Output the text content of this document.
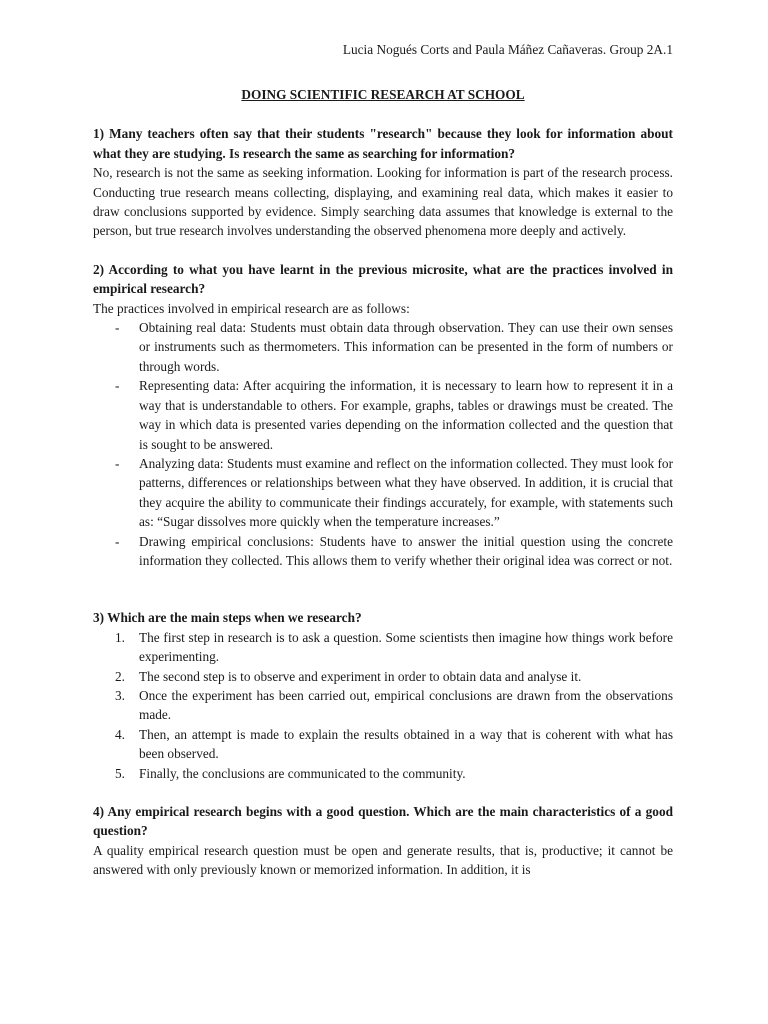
Lucia Nogués Corts and Paula Máñez Cañaveras. Group 2A.1

DOING SCIENTIFIC RESEARCH AT SCHOOL

1) Many teachers often say that their students "research" because they look for information about what they are studying. Is research the same as searching for information?

No, research is not the same as seeking information. Looking for information is part of the research process. Conducting true research means collecting, displaying, and examining real data, which makes it easier to draw conclusions supported by evidence. Simply searching data assumes that knowledge is external to the person, but true research involves understanding the observed phenomena more deeply and actively.

2) According to what you have learnt in the previous microsite, what are the practices involved in empirical research?

The practices involved in empirical research are as follows:

- Obtaining real data: Students must obtain data through observation. They can use their own senses or instruments such as thermometers. This information can be presented in the form of numbers or through words.
- Representing data: After acquiring the information, it is necessary to learn how to represent it in a way that is understandable to others. For example, graphs, tables or drawings must be created. The way in which data is presented varies depending on the information collected and the question that is sought to be answered.
- Analyzing data: Students must examine and reflect on the information collected. They must look for patterns, differences or relationships between what they have observed. In addition, it is crucial that they acquire the ability to communicate their findings accurately, for example, with statements such as: “Sugar dissolves more quickly when the temperature increases.”
- Drawing empirical conclusions: Students have to answer the initial question using the concrete information they collected. This allows them to verify whether their original idea was correct or not.

3) Which are the main steps when we research?

1. The first step in research is to ask a question. Some scientists then imagine how things work before experimenting.
2. The second step is to observe and experiment in order to obtain data and analyse it.
3. Once the experiment has been carried out, empirical conclusions are drawn from the observations made.
4. Then, an attempt is made to explain the results obtained in a way that is coherent with what has been observed.
5. Finally, the conclusions are communicated to the community.

4) Any empirical research begins with a good question. Which are the main characteristics of a good question?

A quality empirical research question must be open and generate results, that is, productive; it cannot be answered with only previously known or memorized information. In addition, it is
